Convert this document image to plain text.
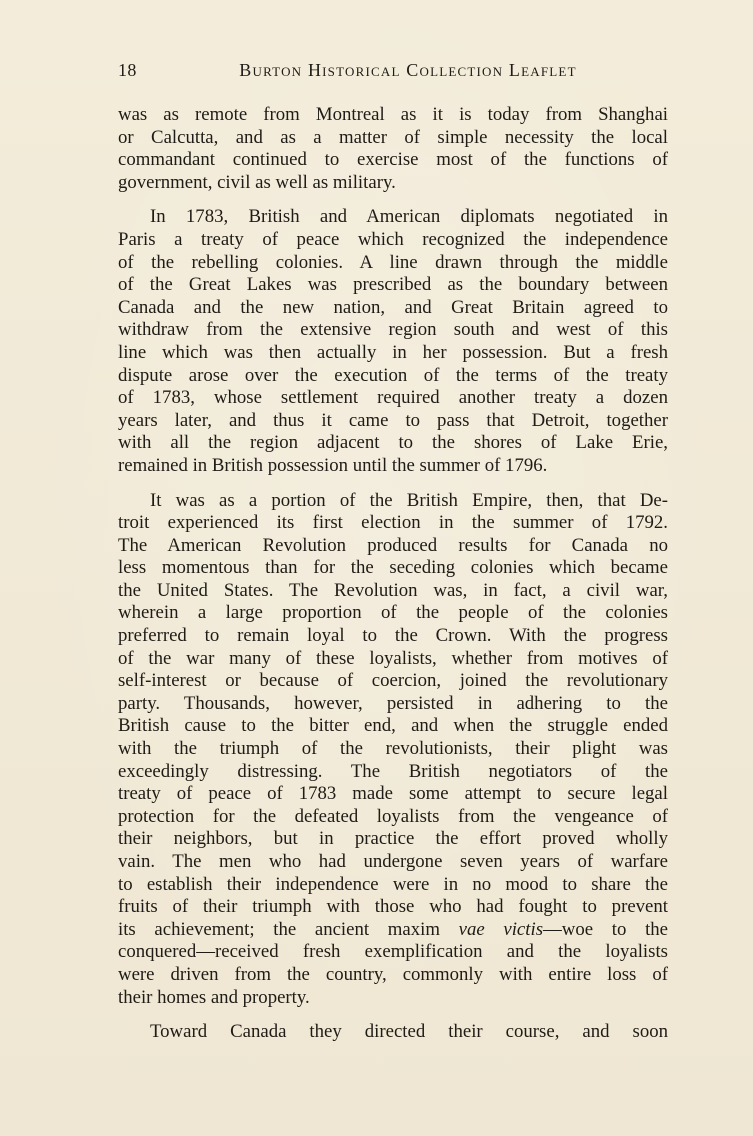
18	Burton Historical Collection Leaflet

was as remote from Montreal as it is today from Shanghai
or Calcutta, and as a matter of simple necessity the local
commandant continued to exercise most of the functions of
government, civil as well as military.

In 1783, British and American diplomats negotiated in
Paris a treaty of peace which recognized the independence
of the rebelling colonies. A line drawn through the middle
of the Great Lakes was prescribed as the boundary between
Canada and the new nation, and Great Britain agreed to
withdraw from the extensive region south and west of this
line which was then actually in her possession. But a fresh
dispute arose over the execution of the terms of the treaty
of 1783, whose settlement required another treaty a dozen
years later, and thus it came to pass that Detroit, together
with all the region adjacent to the shores of Lake Erie,
remained in British possession until the summer of 1796.

It was as a portion of the British Empire, then, that De-
troit experienced its first election in the summer of 1792.
The American Revolution produced results for Canada no
less momentous than for the seceding colonies which became
the United States. The Revolution was, in fact, a civil war,
wherein a large proportion of the people of the colonies
preferred to remain loyal to the Crown. With the progress
of the war many of these loyalists, whether from motives of
self-interest or because of coercion, joined the revolutionary
party. Thousands, however, persisted in adhering to the
British cause to the bitter end, and when the struggle ended
with the triumph of the revolutionists, their plight was
exceedingly distressing. The British negotiators of the
treaty of peace of 1783 made some attempt to secure legal
protection for the defeated loyalists from the vengeance of
their neighbors, but in practice the effort proved wholly
vain. The men who had undergone seven years of warfare
to establish their independence were in no mood to share the
fruits of their triumph with those who had fought to prevent
its achievement; the ancient maxim vae victis—woe to the
conquered—received fresh exemplification and the loyalists
were driven from the country, commonly with entire loss of
their homes and property.

Toward Canada they directed their course, and soon
